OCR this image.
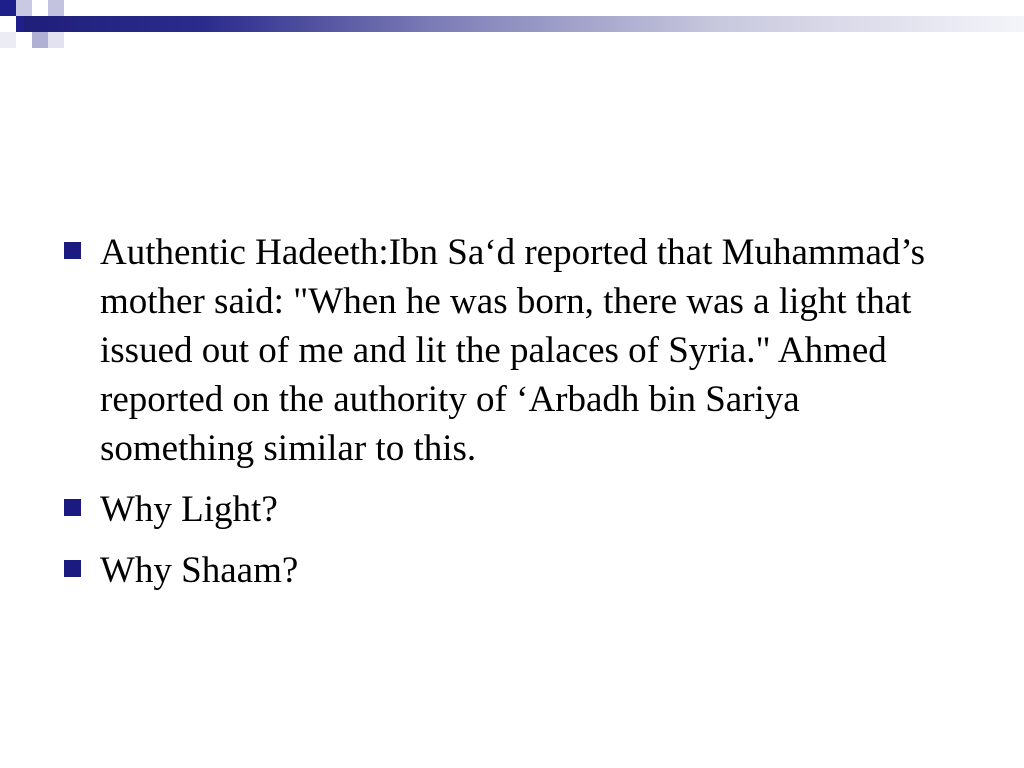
Authentic Hadeeth:Ibn Sa‘d reported that Muhammad’s mother said: "When he was born, there was a light that issued out of me and lit the palaces of Syria." Ahmed reported on the authority of ‘Arbadh bin Sariya something similar to this.
Why Light?
Why Shaam?
